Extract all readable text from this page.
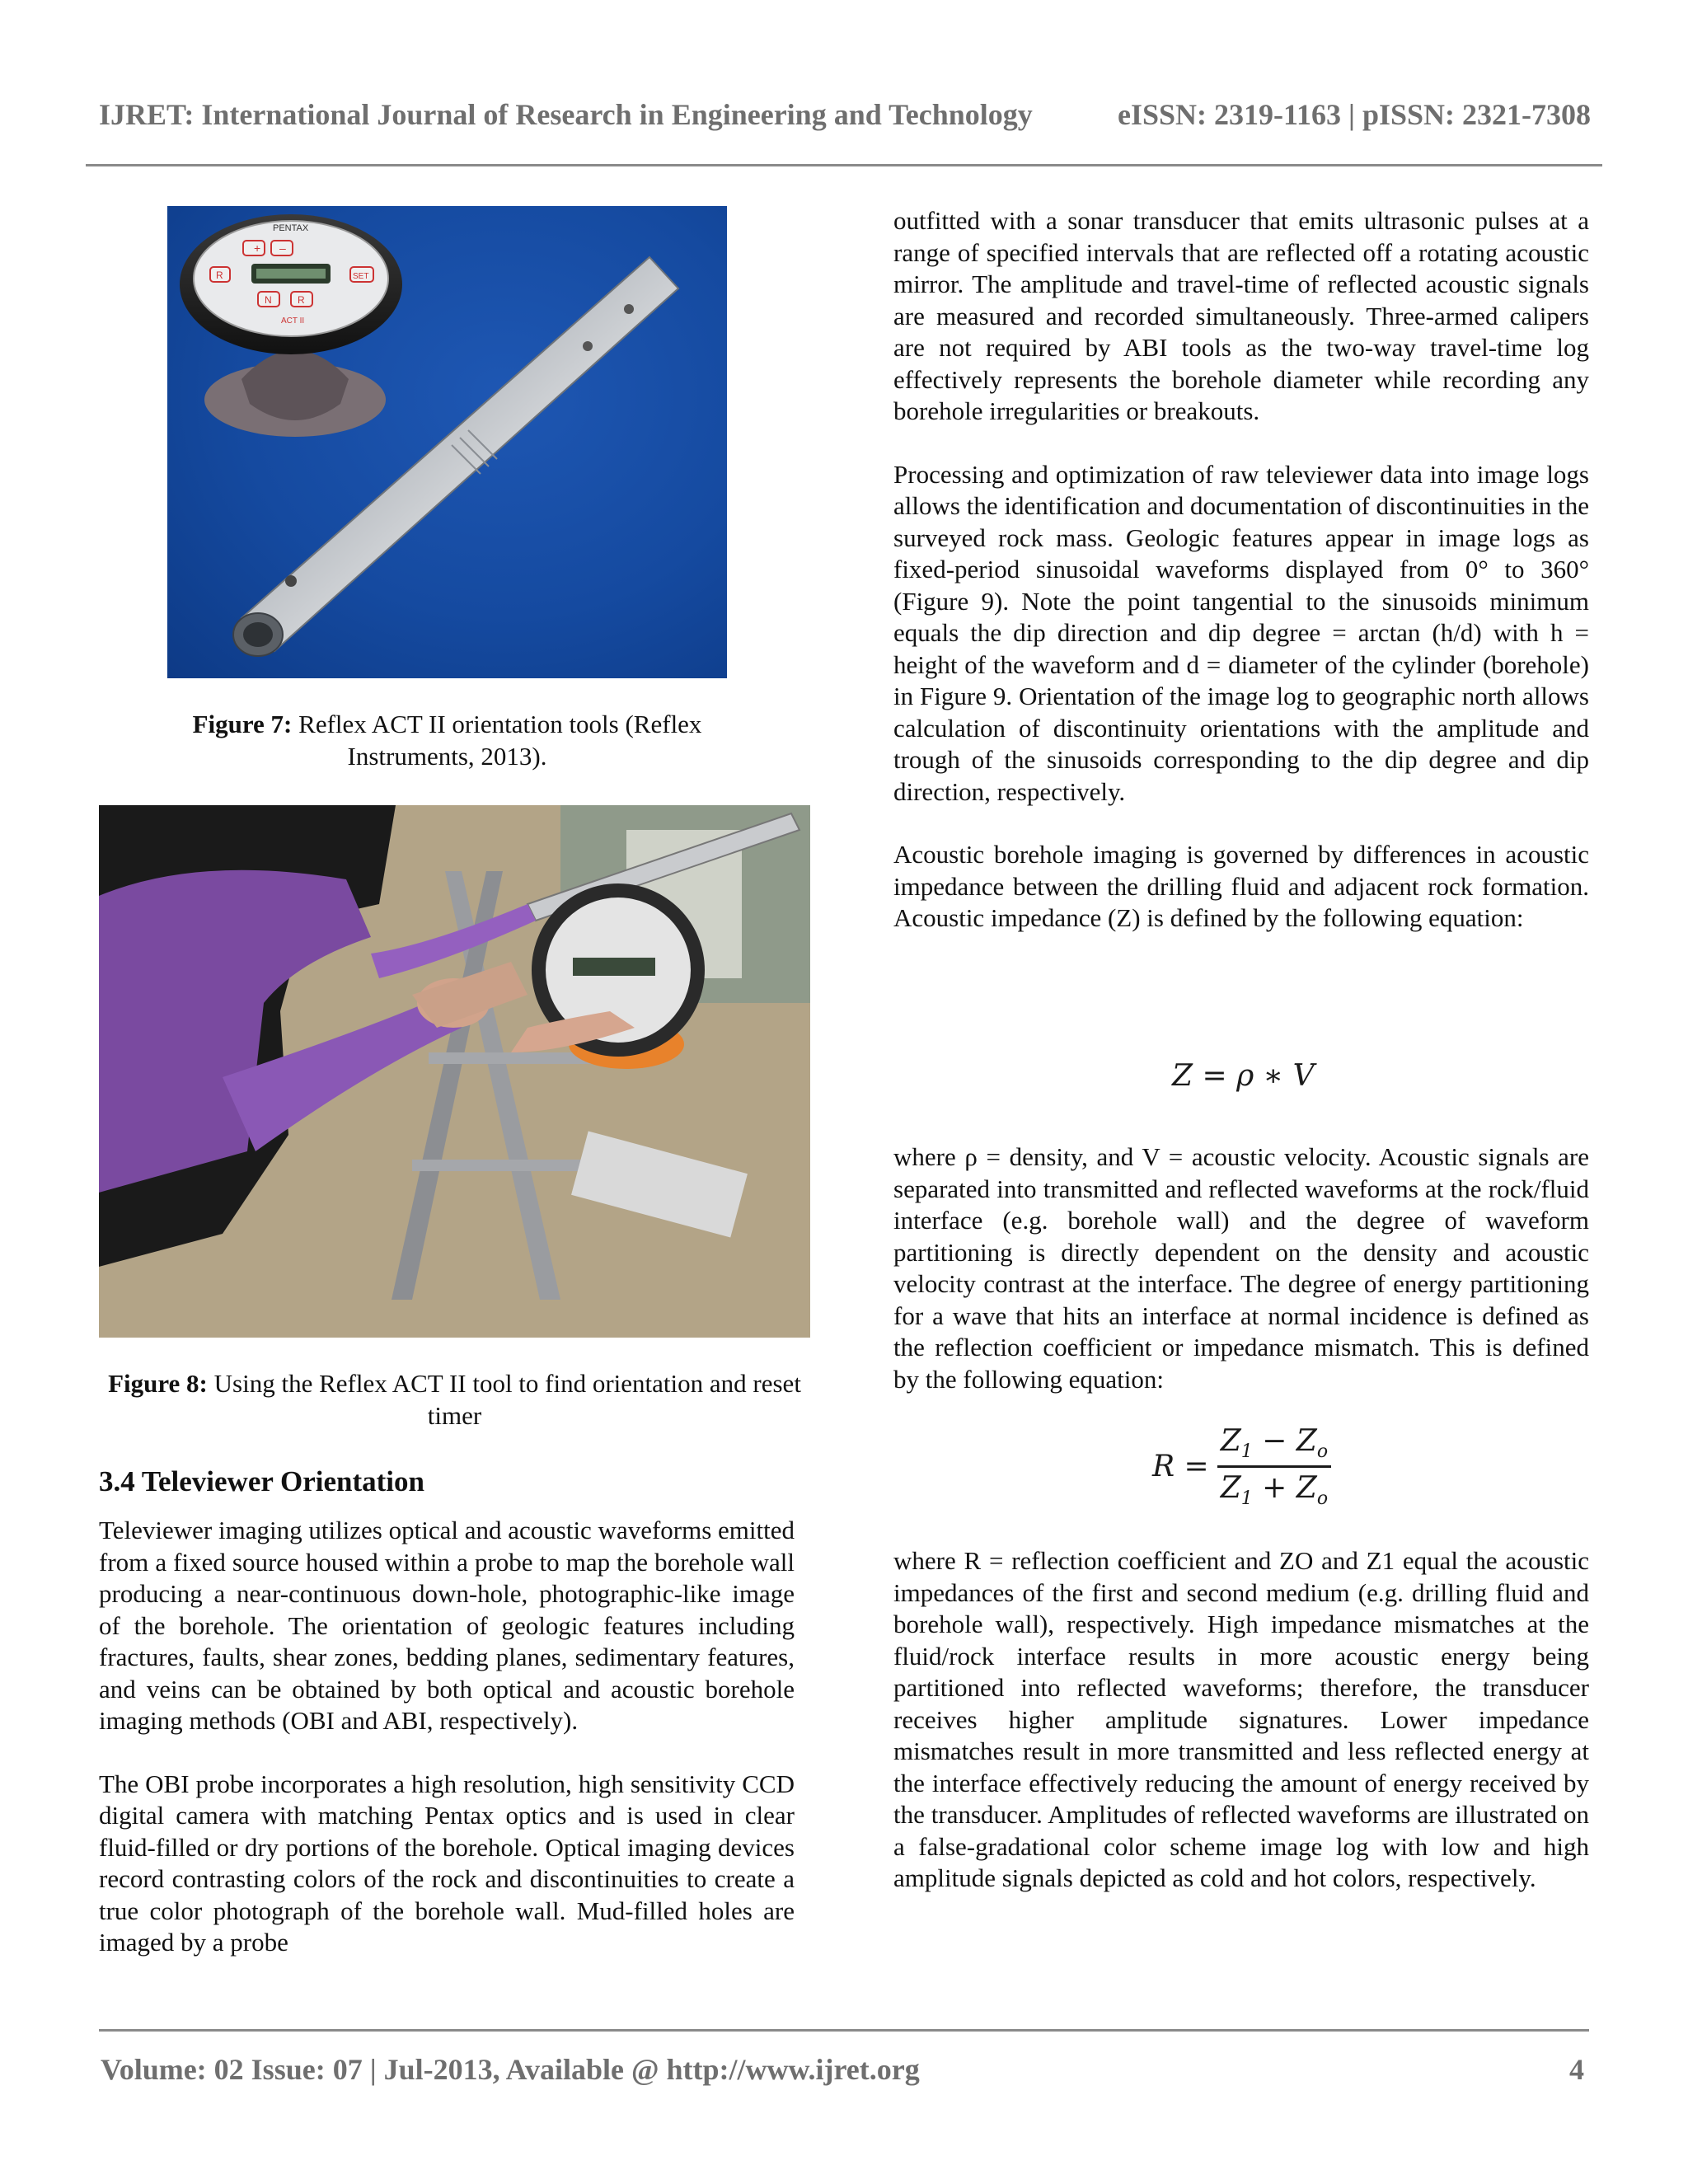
IJRET: International Journal of Research in Engineering and Technology	eISSN: 2319-1163 | pISSN: 2321-7308
PENTAX
+ –
R	SET
N	R
ACT II
Figure 7: Reflex ACT II orientation tools (Reflex Instruments, 2013).
Figure 8: Using the Reflex ACT II tool to find orientation and reset timer
3.4 Televiewer Orientation

Televiewer imaging utilizes optical and acoustic waveforms emitted from a fixed source housed within a probe to map the borehole wall producing a near-continuous down-hole, photographic-like image of the borehole. The orientation of geologic features including fractures, faults, shear zones, bedding planes, sedimentary features, and veins can be obtained by both optical and acoustic borehole imaging methods (OBI and ABI, respectively).

The OBI probe incorporates a high resolution, high sensitivity CCD digital camera with matching Pentax optics and is used in clear fluid-filled or dry portions of the borehole. Optical imaging devices record contrasting colors of the rock and discontinuities to create a true color photograph of the borehole wall. Mud-filled holes are imaged by a probe

outfitted with a sonar transducer that emits ultrasonic pulses at a range of specified intervals that are reflected off a rotating acoustic mirror. The amplitude and travel-time of reflected acoustic signals are measured and recorded simultaneously. Three-armed calipers are not required by ABI tools as the two-way travel-time log effectively represents the borehole diameter while recording any borehole irregularities or breakouts.

Processing and optimization of raw televiewer data into image logs allows the identification and documentation of discontinuities in the surveyed rock mass. Geologic features appear in image logs as fixed-period sinusoidal waveforms displayed from 0° to 360° (Figure 9). Note the point tangential to the sinusoids minimum equals the dip direction and dip degree = arctan (h/d) with h = height of the waveform and d = diameter of the cylinder (borehole) in Figure 9. Orientation of the image log to geographic north allows calculation of discontinuity orientations with the amplitude and trough of the sinusoids corresponding to the dip degree and dip direction, respectively.

Acoustic borehole imaging is governed by differences in acoustic impedance between the drilling fluid and adjacent rock formation. Acoustic impedance (Z) is defined by the following equation:

Z = ρ ∗ V

where ρ = density, and V = acoustic velocity. Acoustic signals are separated into transmitted and reflected waveforms at the rock/fluid interface (e.g. borehole wall) and the degree of waveform partitioning is directly dependent on the density and acoustic velocity contrast at the interface. The degree of energy partitioning for a wave that hits an interface at normal incidence is defined as the reflection coefficient or impedance mismatch. This is defined by the following equation:

$R = \frac{Z_1 - Z_o}{Z_1 + Z_o}$

where R = reflection coefficient and ZO and Z1 equal the acoustic impedances of the first and second medium (e.g. drilling fluid and borehole wall), respectively. High impedance mismatches at the fluid/rock interface results in more acoustic energy being partitioned into reflected waveforms; therefore, the transducer receives higher amplitude signatures. Lower impedance mismatches result in more transmitted and less reflected energy at the interface effectively reducing the amount of energy received by the transducer. Amplitudes of reflected waveforms are illustrated on a false-gradational color scheme image log with low and high amplitude signals depicted as cold and hot colors, respectively.

Volume: 02 Issue: 07 | Jul-2013, Available @ http://www.ijret.org	4
